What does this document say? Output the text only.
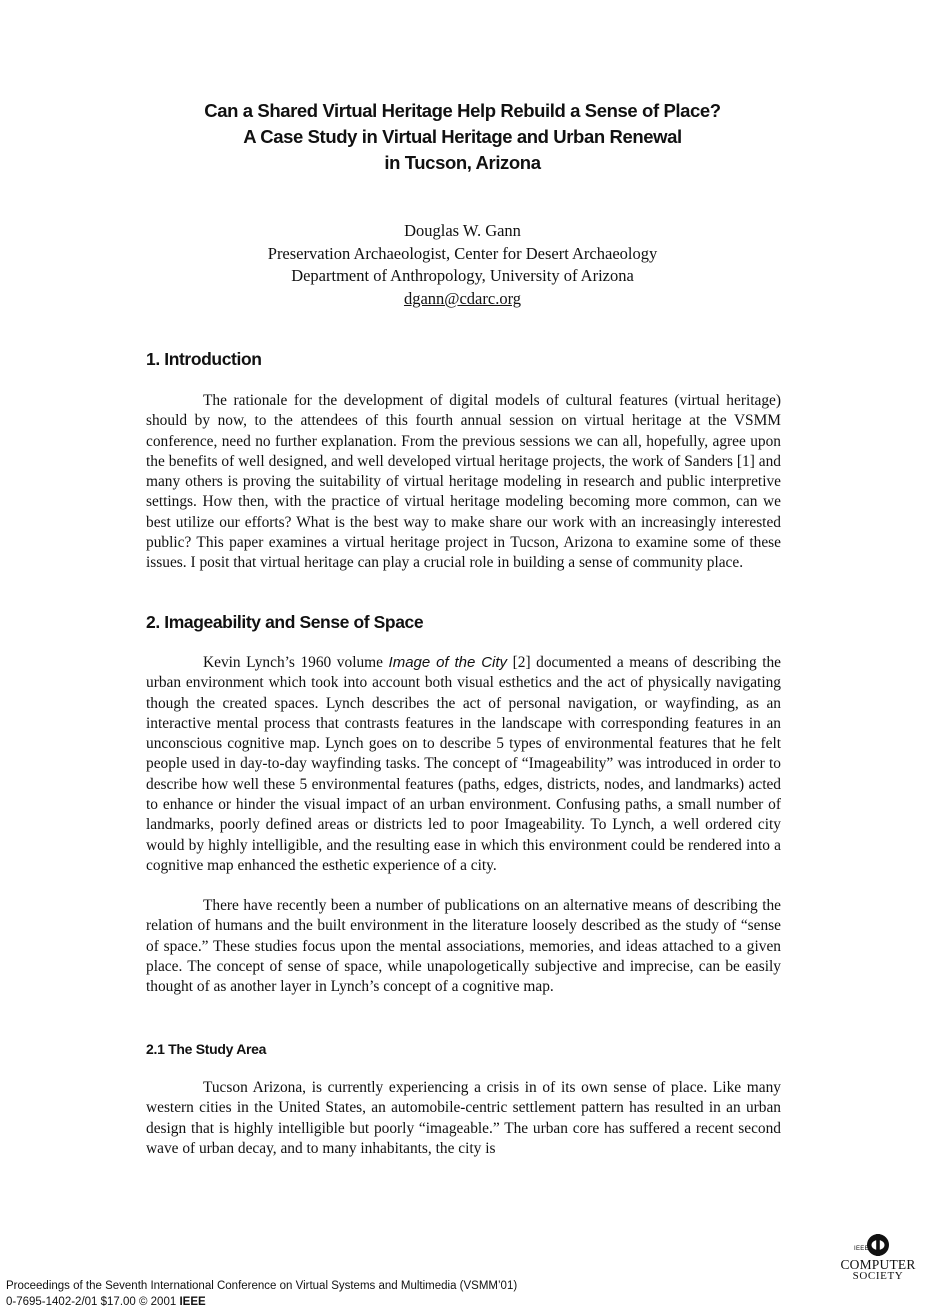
Can a Shared Virtual Heritage Help Rebuild a Sense of Place?
A Case Study in Virtual Heritage and Urban Renewal
in Tucson, Arizona
Douglas W. Gann
Preservation Archaeologist, Center for Desert Archaeology
Department of Anthropology, University of Arizona
dgann@cdarc.org
1. Introduction

The rationale for the development of digital models of cultural features (virtual heritage) should by now, to the attendees of this fourth annual session on virtual heritage at the VSMM conference, need no further explanation. From the previous sessions we can all, hopefully, agree upon the benefits of well designed, and well developed virtual heritage projects, the work of Sanders [1] and many others is proving the suitability of virtual heritage modeling in research and public interpretive settings. How then, with the practice of virtual heritage modeling becoming more common, can we best utilize our efforts? What is the best way to make share our work with an increasingly interested public? This paper examines a virtual heritage project in Tucson, Arizona to examine some of these issues. I posit that virtual heritage can play a crucial role in building a sense of community place.

2. Imageability and Sense of Space

Kevin Lynch’s 1960 volume Image of the City [2] documented a means of describing the urban environment which took into account both visual esthetics and the act of physically navigating though the created spaces. Lynch describes the act of personal navigation, or wayfinding, as an interactive mental process that contrasts features in the landscape with corresponding features in an unconscious cognitive map. Lynch goes on to describe 5 types of environmental features that he felt people used in day-to-day wayfinding tasks. The concept of “Imageability” was introduced in order to describe how well these 5 environmental features (paths, edges, districts, nodes, and landmarks) acted to enhance or hinder the visual impact of an urban environment. Confusing paths, a small number of landmarks, poorly defined areas or districts led to poor Imageability. To Lynch, a well ordered city would by highly intelligible, and the resulting ease in which this environment could be rendered into a cognitive map enhanced the esthetic experience of a city.

There have recently been a number of publications on an alternative means of describing the relation of humans and the built environment in the literature loosely described as the study of “sense of space.” These studies focus upon the mental associations, memories, and ideas attached to a given place. The concept of sense of space, while unapologetically subjective and imprecise, can be easily thought of as another layer in Lynch’s concept of a cognitive map.

2.1 The Study Area

Tucson Arizona, is currently experiencing a crisis in of its own sense of place. Like many western cities in the United States, an automobile-centric settlement pattern has resulted in an urban design that is highly intelligible but poorly “imageable.” The urban core has suffered a recent second wave of urban decay, and to many inhabitants, the city is

Proceedings of the Seventh International Conference on Virtual Systems and Multimedia (VSMM’01)
0-7695-1402-2/01 $17.00 © 2001 IEEE
IEEE
COMPUTER
SOCIETY
